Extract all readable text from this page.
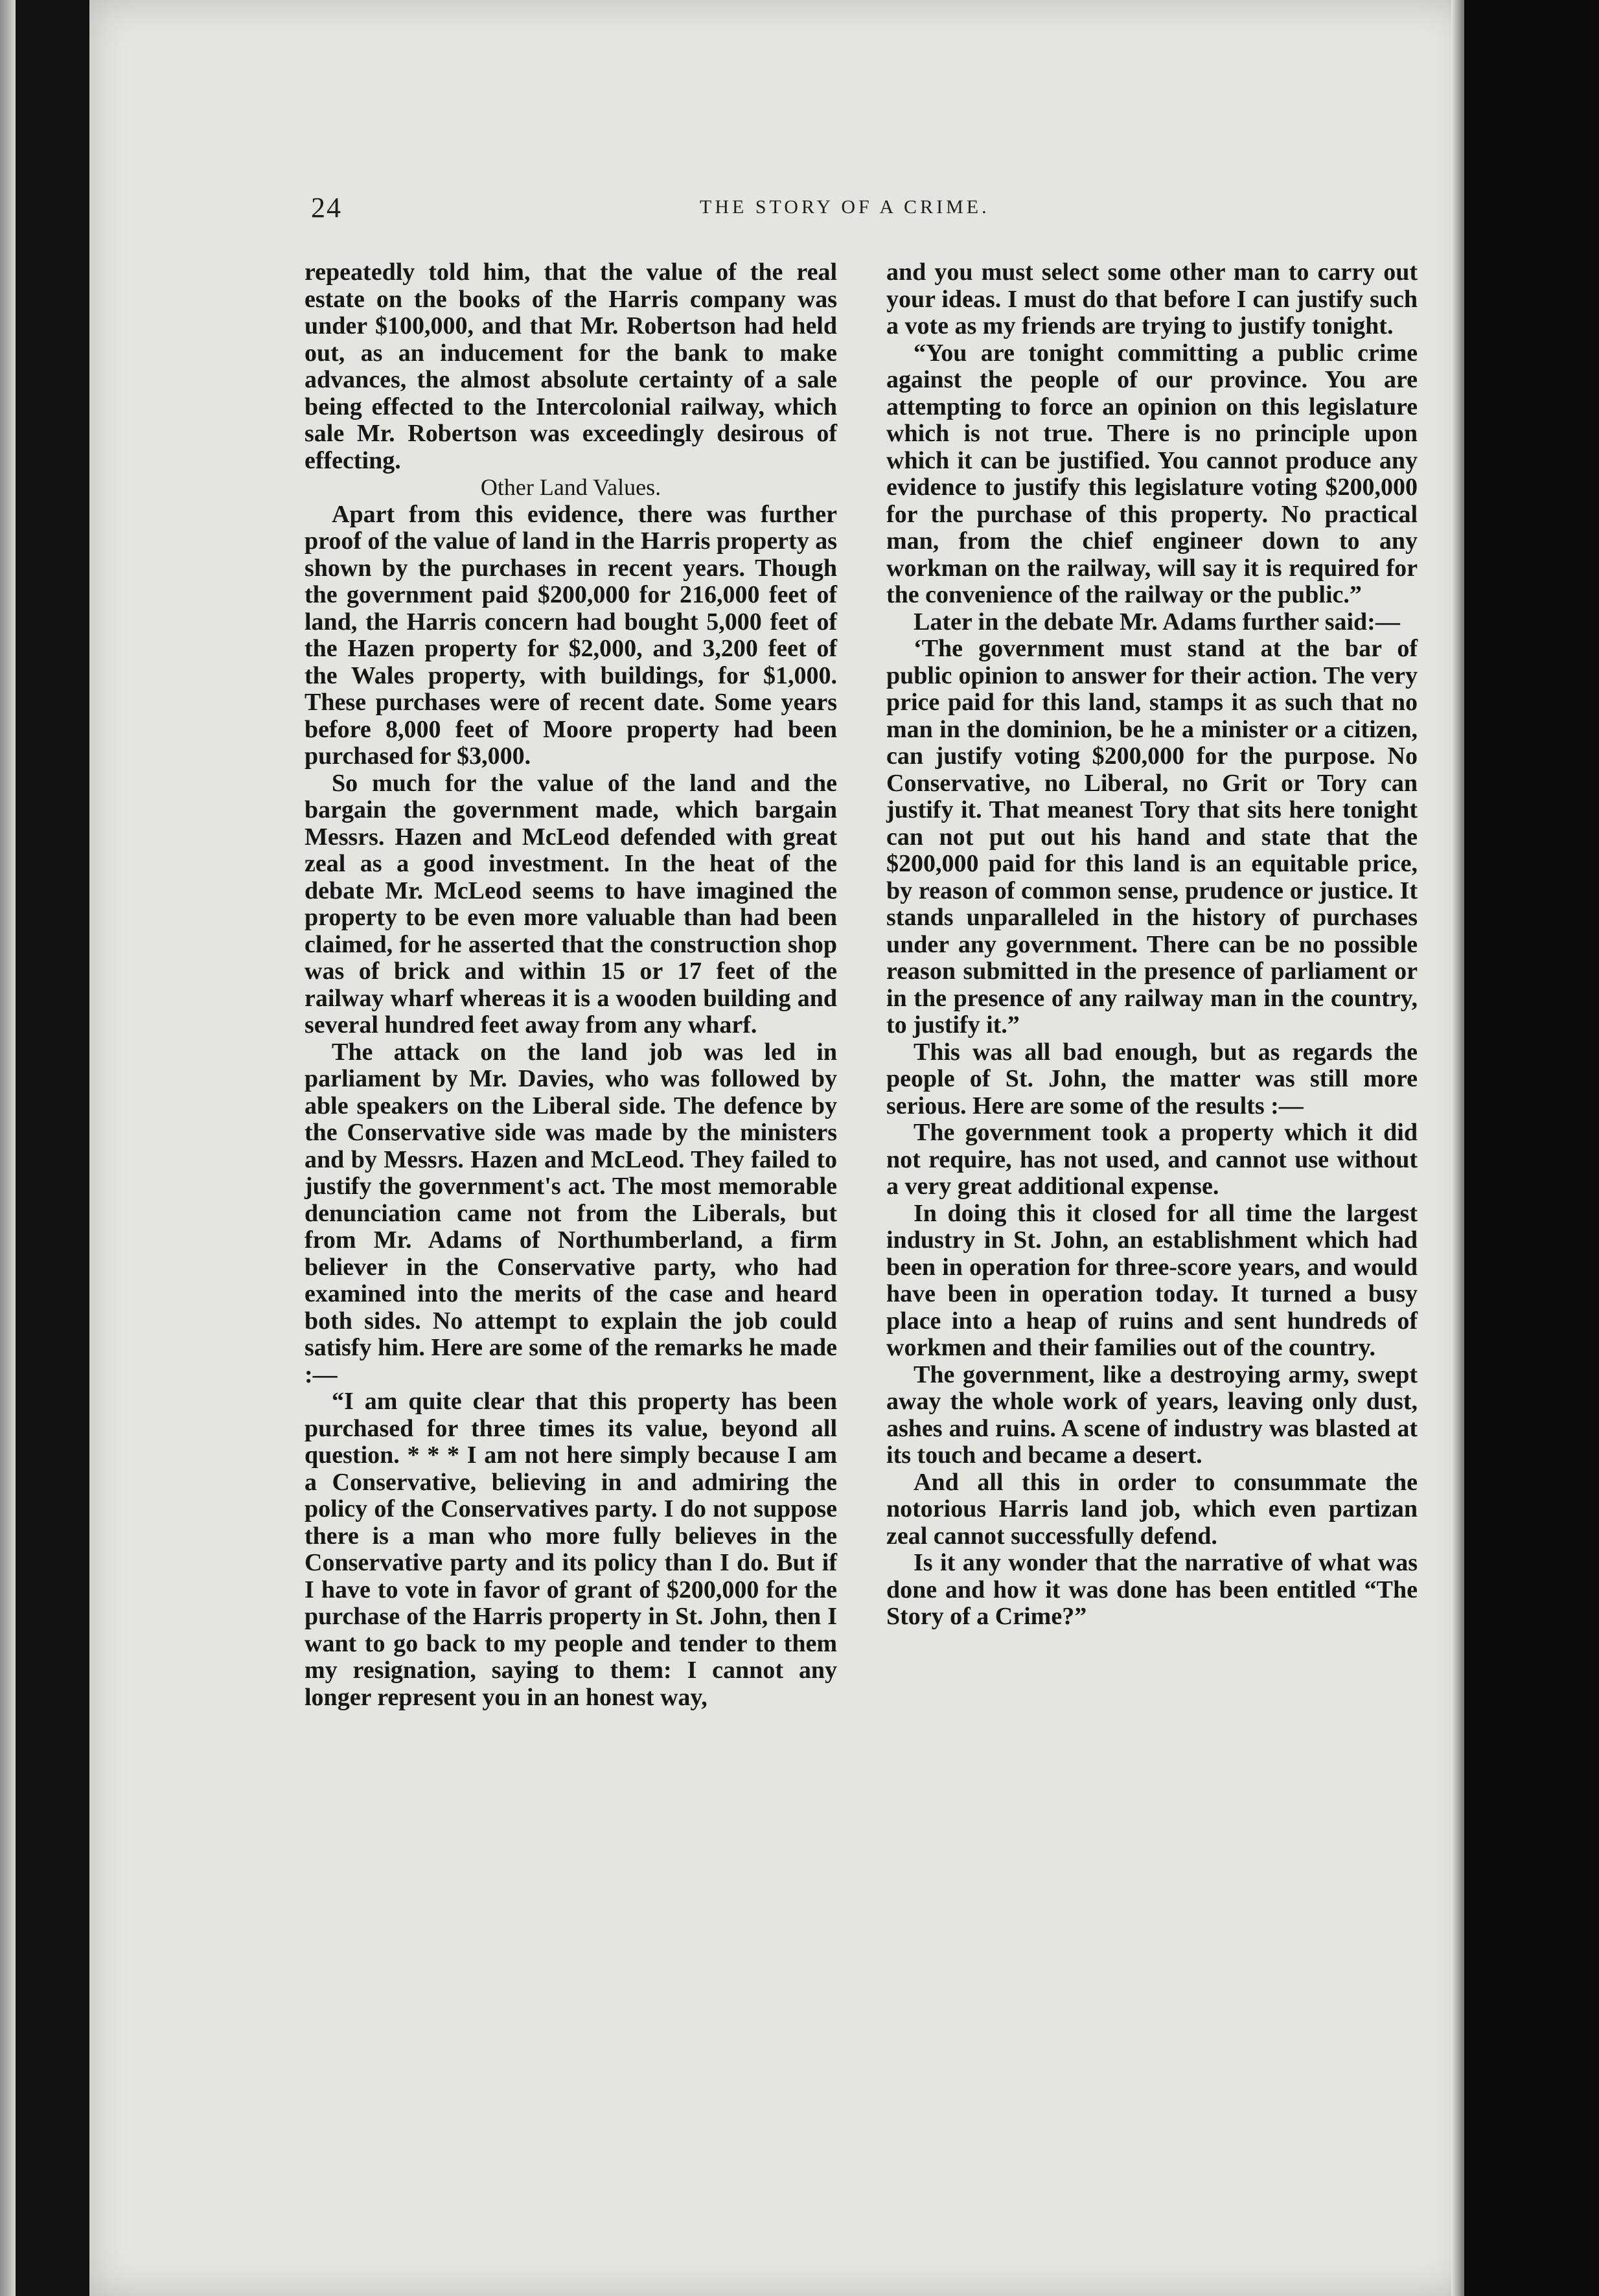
24	THE STORY OF A CRIME.

repeatedly told him, that the value of the real estate on the books of the Harris company was under $100,000, and that Mr. Robertson had held out, as an inducement for the bank to make advances, the almost absolute certainty of a sale being effected to the Intercolonial railway, which sale Mr. Robertson was exceedingly desirous of effecting.

Other Land Values.

Apart from this evidence, there was further proof of the value of land in the Harris property as shown by the purchases in recent years. Though the government paid $200,000 for 216,000 feet of land, the Harris concern had bought 5,000 feet of the Hazen property for $2,000, and 3,200 feet of the Wales property, with buildings, for $1,000. These purchases were of recent date. Some years before 8,000 feet of Moore property had been purchased for $3,000.

So much for the value of the land and the bargain the government made, which bargain Messrs. Hazen and McLeod defended with great zeal as a good investment. In the heat of the debate Mr. McLeod seems to have imagined the property to be even more valuable than had been claimed, for he asserted that the construction shop was of brick and within 15 or 17 feet of the railway wharf whereas it is a wooden building and several hundred feet away from any wharf.

The attack on the land job was led in parliament by Mr. Davies, who was followed by able speakers on the Liberal side. The defence by the Conservative side was made by the ministers and by Messrs. Hazen and McLeod. They failed to justify the government's act. The most memorable denunciation came not from the Liberals, but from Mr. Adams of Northumberland, a firm believer in the Conservative party, who had examined into the merits of the case and heard both sides. No attempt to explain the job could satisfy him. Here are some of the remarks he made :—

“I am quite clear that this property has been purchased for three times its value, beyond all question. * * * I am not here simply because I am a Conservative, believing in and admiring the policy of the Conservatives party. I do not suppose there is a man who more fully believes in the Conservative party and its policy than I do. But if I have to vote in favor of grant of $200,000 for the purchase of the Harris property in St. John, then I want to go back to my people and tender to them my resignation, saying to them: I cannot any longer represent you in an honest way,

and you must select some other man to carry out your ideas. I must do that before I can justify such a vote as my friends are trying to justify tonight.

“You are tonight committing a public crime against the people of our province. You are attempting to force an opinion on this legislature which is not true. There is no principle upon which it can be justified. You cannot produce any evidence to justify this legislature voting $200,000 for the purchase of this property. No practical man, from the chief engineer down to any workman on the railway, will say it is required for the convenience of the railway or the public.”

Later in the debate Mr. Adams further said:—

‘The government must stand at the bar of public opinion to answer for their action. The very price paid for this land, stamps it as such that no man in the dominion, be he a minister or a citizen, can justify voting $200,000 for the purpose. No Conservative, no Liberal, no Grit or Tory can justify it. That meanest Tory that sits here tonight can not put out his hand and state that the $200,000 paid for this land is an equitable price, by reason of common sense, prudence or justice. It stands unparalleled in the history of purchases under any government. There can be no possible reason submitted in the presence of parliament or in the presence of any railway man in the country, to justify it.”

This was all bad enough, but as regards the people of St. John, the matter was still more serious. Here are some of the results :—

The government took a property which it did not require, has not used, and cannot use without a very great additional expense.

In doing this it closed for all time the largest industry in St. John, an establishment which had been in operation for three-score years, and would have been in operation today. It turned a busy place into a heap of ruins and sent hundreds of workmen and their families out of the country.

The government, like a destroying army, swept away the whole work of years, leaving only dust, ashes and ruins. A scene of industry was blasted at its touch and became a desert.

And all this in order to consummate the notorious Harris land job, which even partizan zeal cannot successfully defend.

Is it any wonder that the narrative of what was done and how it was done has been entitled “The Story of a Crime?”
